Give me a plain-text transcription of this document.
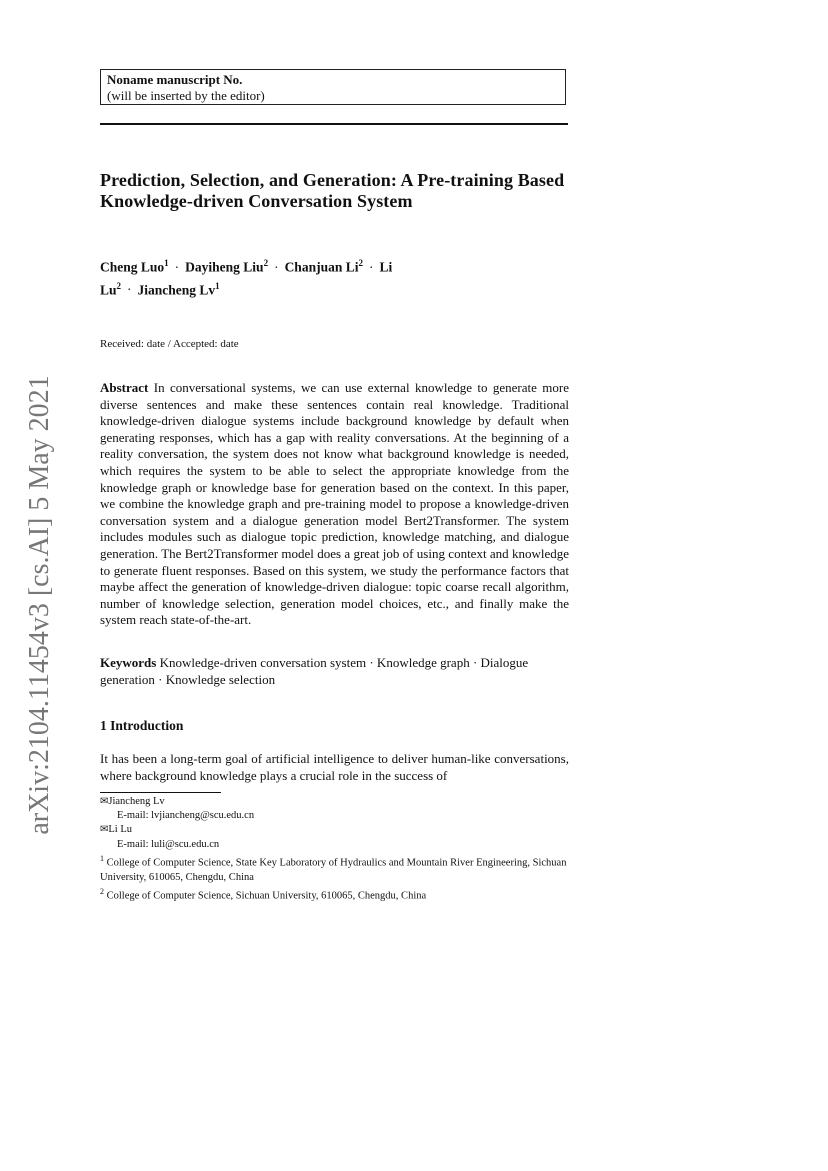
Noname manuscript No.
(will be inserted by the editor)
Prediction, Selection, and Generation: A Pre-training Based Knowledge-driven Conversation System
Cheng Luo$^1$ · Dayiheng Liu$^2$ · Chanjuan $Li^2 \cdot Li$ $Lu^2$ · Jiancheng Lv$^1$
Received: date / Accepted: date
Abstract In conversational systems, we can use external knowledge to generate more diverse sentences and make these sentences contain real knowledge. Traditional knowledge-driven dialogue systems include background knowledge by default when generating responses, which has a gap with reality conversations. At the beginning of a reality conversation, the system does not know what background knowledge is needed, which requires the system to be able to select the appropriate knowledge from the knowledge graph or knowledge base for generation based on the context. In this paper, we combine the knowledge graph and pre-training model to propose a knowledge-driven conversation system and a dialogue generation model Bert2Transformer. The system includes modules such as dialogue topic prediction, knowledge matching, and dialogue generation. The Bert2Transformer model does a great job of using context and knowledge to generate fluent responses. Based on this system, we study the performance factors that maybe affect the generation of knowledge-driven dialogue: topic coarse recall algorithm, number of knowledge selection, generation model choices, etc., and finally make the system reach state-of-the-art.
Keywords Knowledge-driven conversation system · Knowledge graph · Dialogue generation · Knowledge selection
1 Introduction
It has been a long-term goal of artificial intelligence to deliver human-like conversations, where background knowledge plays a crucial role in the success of
✉Jiancheng Lv
E-mail: lvjiancheng@scu.edu.cn
✉Li Lu
E-mail: luli@scu.edu.cn
$^1$ College of Computer Science, State Key Laboratory of Hydraulics and Mountain River Engineering, Sichuan University, 610065, Chengdu, China
$^2$ College of Computer Science, Sichuan University, 610065, Chengdu, China
arXiv:2104.11454v3 [cs.AI] 5 May 2021
